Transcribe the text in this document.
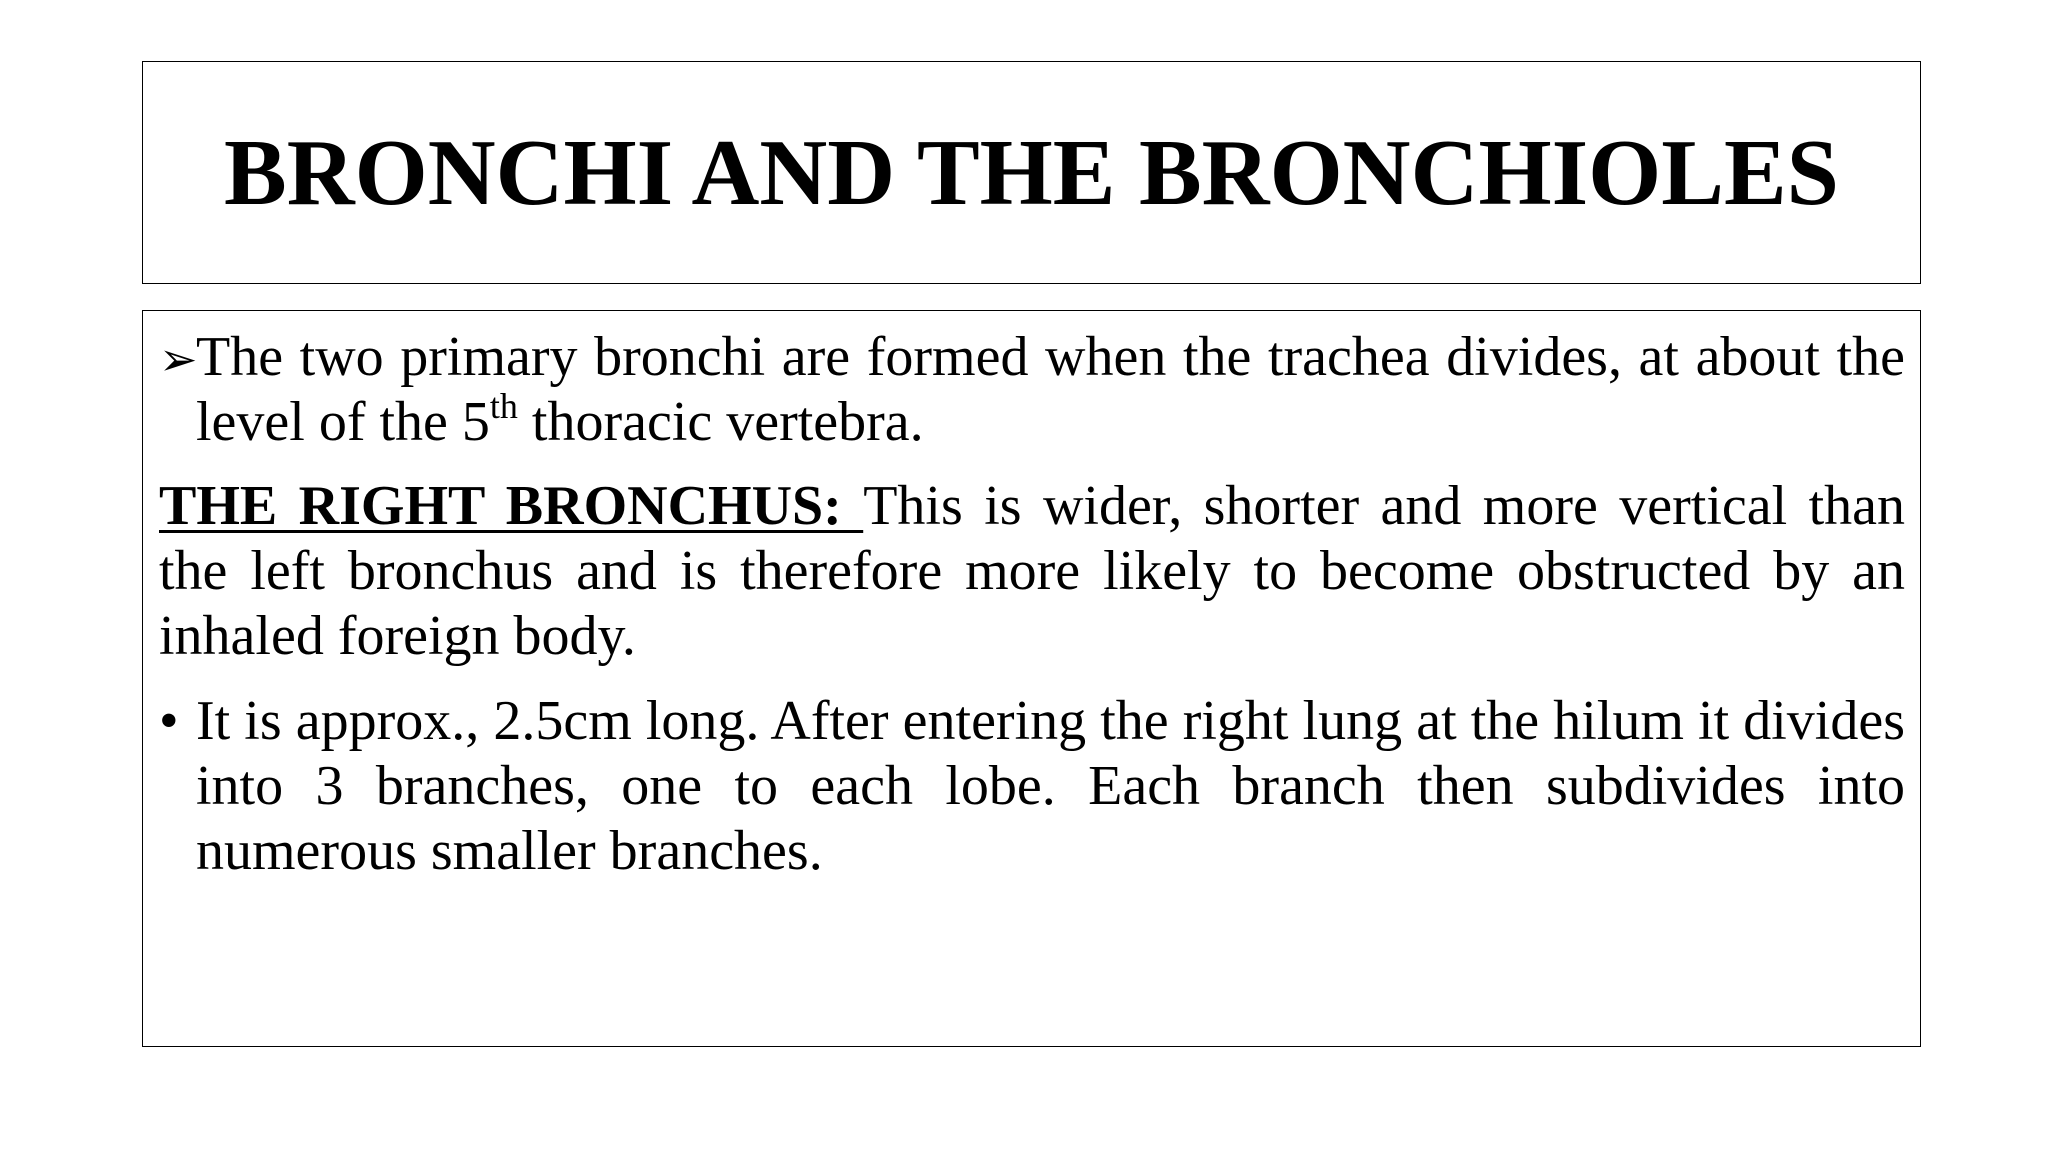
BRONCHI AND THE BRONCHIOLES

➢
The two primary bronchi are formed when the trachea divides, at about the level of the 5th thoracic vertebra.

THE RIGHT BRONCHUS: This is wider, shorter and more vertical than the left bronchus and is therefore more likely to become obstructed by an inhaled foreign body.

• It is approx., 2.5cm long. After entering the right lung at the hilum it divides into 3 branches, one to each lobe. Each branch then subdivides into numerous smaller branches.
